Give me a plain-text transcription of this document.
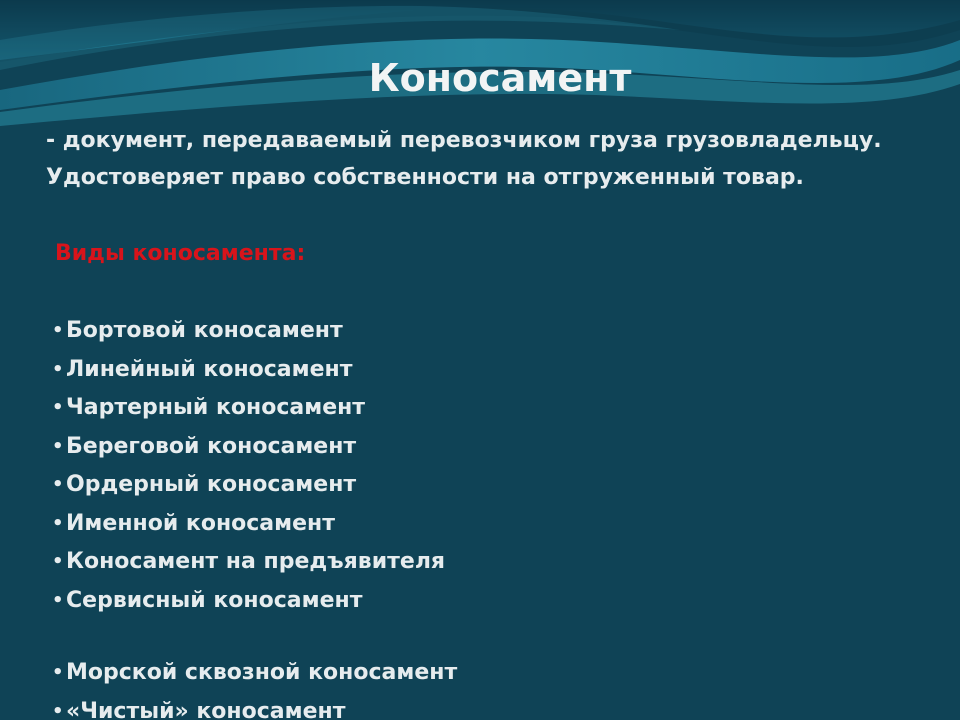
Коносамент
- документ, передаваемый перевозчиком груза грузовладельцу. Удостоверяет право собственности на отгруженный товар.
Виды коносамента:
• Бортовой коносамент
• Линейный коносамент
• Чартерный коносамент
• Береговой коносамент
• Ордерный коносамент
• Именной коносамент
• Коносамент на предъявителя
• Сервисный коносамент
• Морской сквозной коносамент
• «Чистый» коносамент
